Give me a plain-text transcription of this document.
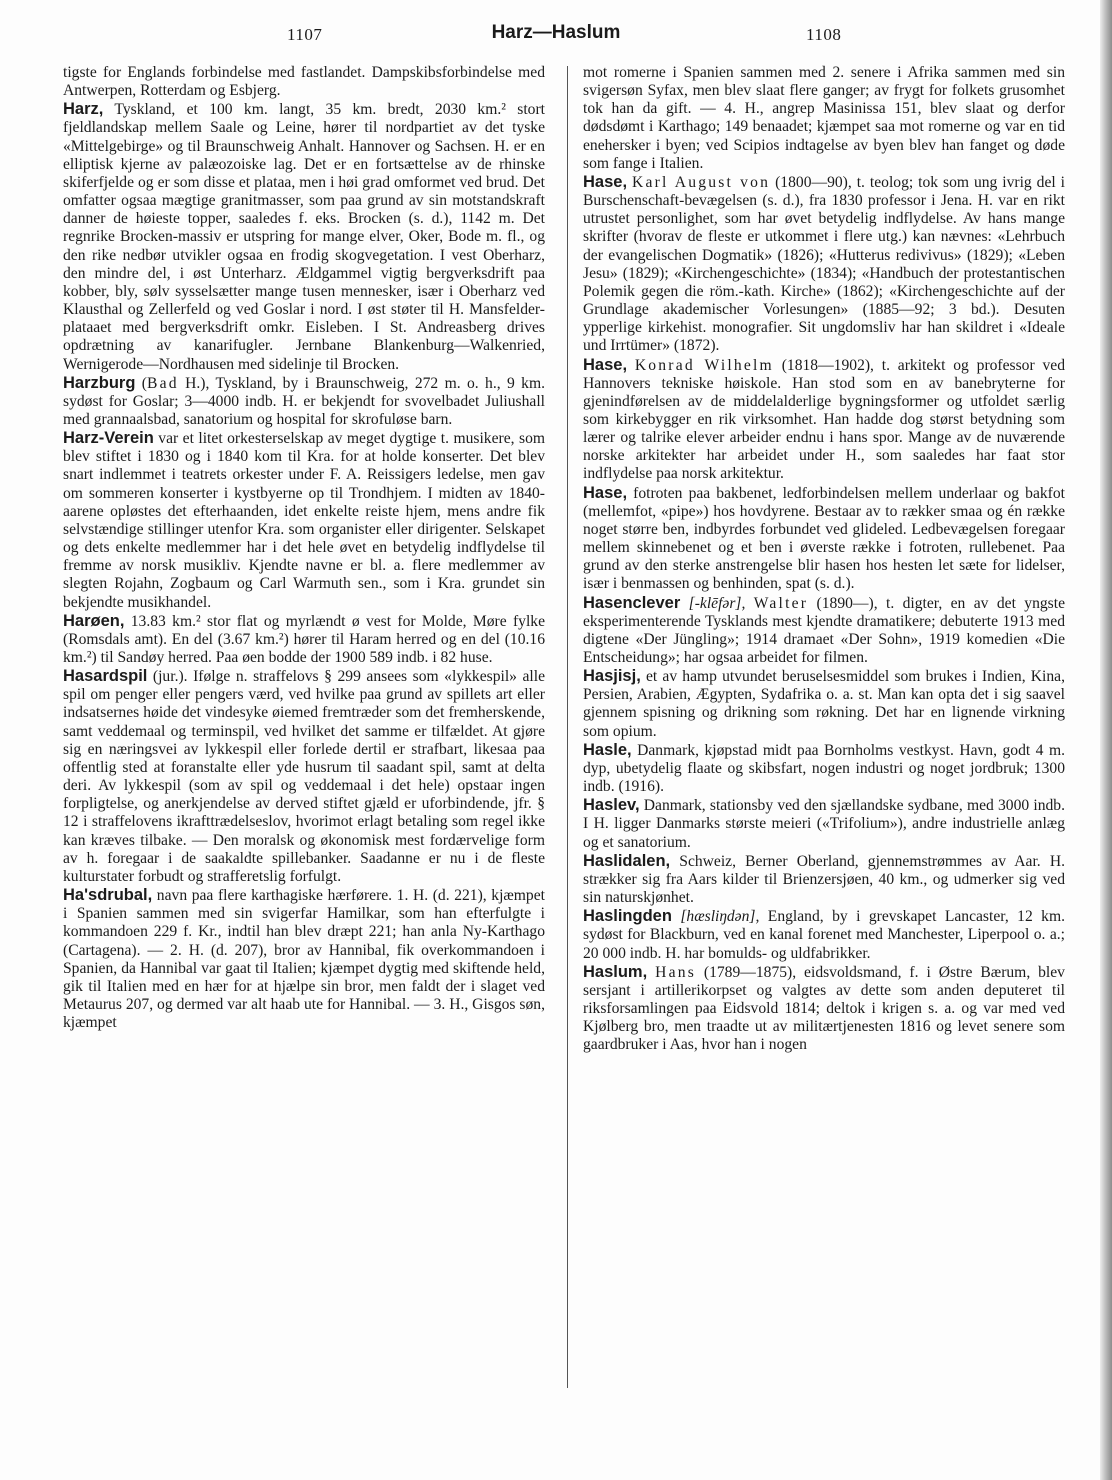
1107	Harz—Haslum	1108

tigste for Englands forbindelse med fastlandet. Dampskibsforbindelse med Antwerpen, Rotterdam og Esbjerg.

Harz, Tyskland, et 100 km. langt, 35 km. bredt, 2030 km.² stort fjeldlandskap mellem Saale og Leine, hører til nordpartiet av det tyske «Mittelgebirge» og til Braunschweig Anhalt. Hannover og Sachsen. H. er en elliptisk kjerne av palæozoiske lag. Det er en fortsættelse av de rhinske skiferfjelde og er som disse et plataa, men i høi grad omformet ved brud. Det omfatter ogsaa mægtige granitmasser, som paa grund av sin motstandskraft danner de høieste topper, saaledes f. eks. Brocken (s. d.), 1142 m. Det regnrike Brocken-massiv er utspring for mange elver, Oker, Bode m. fl., og den rike nedbør utvikler ogsaa en frodig skogvegetation. I vest Oberharz, den mindre del, i øst Unterharz. Ældgammel vigtig bergverksdrift paa kobber, bly, sølv sysselsætter mange tusen mennesker, især i Oberharz ved Klausthal og Zellerfeld og ved Goslar i nord. I øst støter til H. Mansfelder-plataaet med bergverksdrift omkr. Eisleben. I St. Andreasberg drives opdrætning av kanarifugler. Jernbane Blankenburg—Walkenried, Wernigerode—Nordhausen med sidelinje til Brocken.

Harzburg (Bad H.), Tyskland, by i Braunschweig, 272 m. o. h., 9 km. sydøst for Goslar; 3—4000 indb. H. er bekjendt for svovelbadet Juliushall med grannaalsbad, sanatorium og hospital for skrofuløse barn.

Harz-Verein var et litet orkesterselskap av meget dygtige t. musikere, som blev stiftet i 1830 og i 1840 kom til Kra. for at holde konserter. Det blev snart indlemmet i teatrets orkester under F. A. Reissigers ledelse, men gav om sommeren konserter i kystbyerne op til Trondhjem. I midten av 1840-aarene opløstes det efterhaanden, idet enkelte reiste hjem, mens andre fik selvstændige stillinger utenfor Kra. som organister eller dirigenter. Selskapet og dets enkelte medlemmer har i det hele øvet en betydelig indflydelse til fremme av norsk musikliv. Kjendte navne er bl. a. flere medlemmer av slegten Rojahn, Zogbaum og Carl Warmuth sen., som i Kra. grundet sin bekjendte musikhandel.

Harøen, 13.83 km.² stor flat og myrlændt ø vest for Molde, Møre fylke (Romsdals amt). En del (3.67 km.²) hører til Haram herred og en del (10.16 km.²) til Sandøy herred. Paa øen bodde der 1900 589 indb. i 82 huse.

Hasardspil (jur.). Ifølge n. straffelovs § 299 ansees som «lykkespil» alle spil om penger eller pengers værd, ved hvilke paa grund av spillets art eller indsatsernes høide det vindesyke øiemed fremtræder som det fremherskende, samt veddemaal og terminspil, ved hvilket det samme er tilfældet. At gjøre sig en næringsvei av lykkespil eller forlede dertil er strafbart, likesaa paa offentlig sted at foranstalte eller yde husrum til saadant spil, samt at delta deri. Av lykkespil (som av spil og veddemaal i det hele) opstaar ingen forpligtelse, og anerkjendelse av derved stiftet gjæld er uforbindende, jfr. § 12 i straffelovens ikrafttrædelseslov, hvorimot erlagt betaling som regel ikke kan kræves tilbake. — Den moralsk og økonomisk mest fordærvelige form av h. foregaar i de saakaldte spillebanker. Saadanne er nu i de fleste kulturstater forbudt og strafferetslig forfulgt.

Ha'sdrubal, navn paa flere karthagiske hærførere. 1. H. (d. 221), kjæmpet i Spanien sammen med sin svigerfar Hamilkar, som han efterfulgte i kommandoen 229 f. Kr., indtil han blev dræpt 221; han anla Ny-Karthago (Cartagena). — 2. H. (d. 207), bror av Hannibal, fik overkommandoen i Spanien, da Hannibal var gaat til Italien; kjæmpet dygtig med skiftende held, gik til Italien med en hær for at hjælpe sin bror, men faldt der i slaget ved Metaurus 207, og dermed var alt haab ute for Hannibal. — 3. H., Gisgos søn, kjæmpet

mot romerne i Spanien sammen med 2. senere i Afrika sammen med sin svigersøn Syfax, men blev slaat flere ganger; av frygt for folkets grusomhet tok han da gift. — 4. H., angrep Masinissa 151, blev slaat og derfor dødsdømt i Karthago; 149 benaadet; kjæmpet saa mot romerne og var en tid enehersker i byen; ved Scipios indtagelse av byen blev han fanget og døde som fange i Italien.

Hase, Karl August von (1800—90), t. teolog; tok som ung ivrig del i Burschenschaft-bevægelsen (s. d.), fra 1830 professor i Jena. H. var en rikt utrustet personlighet, som har øvet betydelig indflydelse. Av hans mange skrifter (hvorav de fleste er utkommet i flere utg.) kan nævnes: «Lehrbuch der evangelischen Dogmatik» (1826); «Hutterus redivivus» (1829); «Leben Jesu» (1829); «Kirchengeschichte» (1834); «Handbuch der protestantischen Polemik gegen die röm.-kath. Kirche» (1862); «Kirchengeschichte auf der Grundlage akademischer Vorlesungen» (1885—92; 3 bd.). Desuten ypperlige kirkehist. monografier. Sit ungdomsliv har han skildret i «Ideale und Irrtümer» (1872).

Hase, Konrad Wilhelm (1818—1902), t. arkitekt og professor ved Hannovers tekniske høiskole. Han stod som en av banebryterne for gjenindførelsen av de middelalderlige bygningsformer og utfoldet særlig som kirkebygger en rik virksomhet. Han hadde dog størst betydning som lærer og talrike elever arbeider endnu i hans spor. Mange av de nuværende norske arkitekter har arbeidet under H., som saaledes har faat stor indflydelse paa norsk arkitektur.

Hase, fotroten paa bakbenet, ledforbindelsen mellem underlaar og bakfot (mellemfot, «pipe») hos hovdyrene. Bestaar av to rækker smaa og én række noget større ben, indbyrdes forbundet ved glideled. Ledbevægelsen foregaar mellem skinnebenet og et ben i øverste række i fotroten, rullebenet. Paa grund av den sterke anstrengelse blir hasen hos hesten let sæte for lidelser, især i benmassen og benhinden, spat (s. d.).

Hasenclever [-klēfər], Walter (1890—), t. digter, en av det yngste eksperimenterende Tysklands mest kjendte dramatikere; debuterte 1913 med digtene «Der Jüngling»; 1914 dramaet «Der Sohn», 1919 komedien «Die Entscheidung»; har ogsaa arbeidet for filmen.

Hasjisj, et av hamp utvundet beruselsesmiddel som brukes i Indien, Kina, Persien, Arabien, Ægypten, Sydafrika o. a. st. Man kan opta det i sig saavel gjennem spisning og drikning som røkning. Det har en lignende virkning som opium.

Hasle, Danmark, kjøpstad midt paa Bornholms vestkyst. Havn, godt 4 m. dyp, ubetydelig flaate og skibsfart, nogen industri og noget jordbruk; 1300 indb. (1916).

Haslev, Danmark, stationsby ved den sjællandske sydbane, med 3000 indb. I H. ligger Danmarks største meieri («Trifolium»), andre industrielle anlæg og et sanatorium.

Haslidalen, Schweiz, Berner Oberland, gjennemstrømmes av Aar. H. strækker sig fra Aars kilder til Brienzersjøen, 40 km., og udmerker sig ved sin naturskjønhet.

Haslingden [hæsliŋdən], England, by i grevskapet Lancaster, 12 km. sydøst for Blackburn, ved en kanal forenet med Manchester, Liperpool o. a.; 20 000 indb. H. har bomulds- og uldfabrikker.

Haslum, Hans (1789—1875), eidsvoldsmand, f. i Østre Bærum, blev sersjant i artillerikorpset og valgtes av dette som anden deputeret til riksforsamlingen paa Eidsvold 1814; deltok i krigen s. a. og var med ved Kjølberg bro, men traadte ut av militærtjenesten 1816 og levet senere som gaardbruker i Aas, hvor han i nogen
